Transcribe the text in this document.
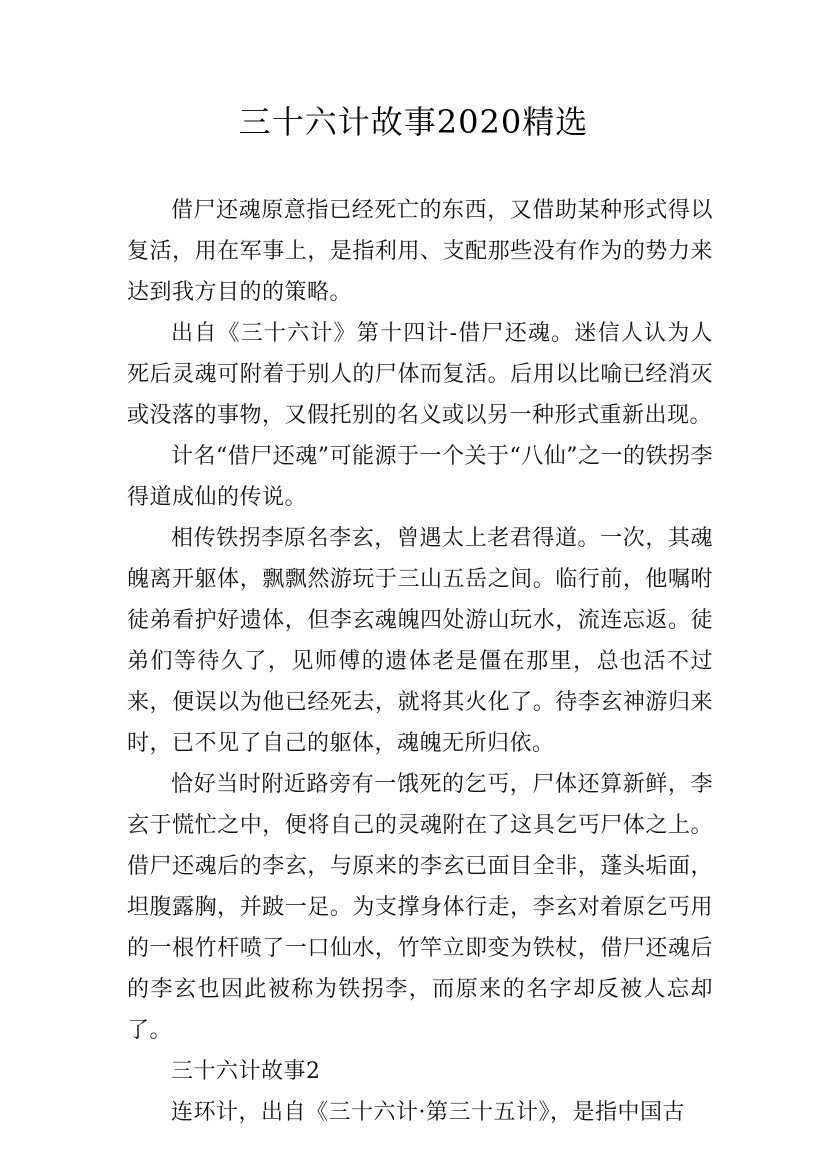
三十六计故事2020精选

借尸还魂原意指已经死亡的东西，又借助某种形式得以复活，用在军事上，是指利用、支配那些没有作为的势力来达到我方目的的策略。

出自《三十六计》第十四计-借尸还魂。迷信人认为人死后灵魂可附着于别人的尸体而复活。后用以比喻已经消灭或没落的事物，又假托别的名义或以另一种形式重新出现。

计名“借尸还魂”可能源于一个关于“八仙”之一的铁拐李得道成仙的传说。

相传铁拐李原名李玄，曾遇太上老君得道。一次，其魂魄离开躯体，飘飘然游玩于三山五岳之间。临行前，他嘱咐徒弟看护好遗体，但李玄魂魄四处游山玩水，流连忘返。徒弟们等待久了，见师傅的遗体老是僵在那里，总也活不过来，便误以为他已经死去，就将其火化了。待李玄神游归来时，已不见了自己的躯体，魂魄无所归依。

恰好当时附近路旁有一饿死的乞丐，尸体还算新鲜，李玄于慌忙之中，便将自己的灵魂附在了这具乞丐尸体之上。借尸还魂后的李玄，与原来的李玄已面目全非，蓬头垢面，坦腹露胸，并跛一足。为支撑身体行走，李玄对着原乞丐用的一根竹杆喷了一口仙水，竹竿立即变为铁杖，借尸还魂后的李玄也因此被称为铁拐李，而原来的名字却反被人忘却了。

三十六计故事2

连环计，出自《三十六计·第三十五计》，是指中国古
